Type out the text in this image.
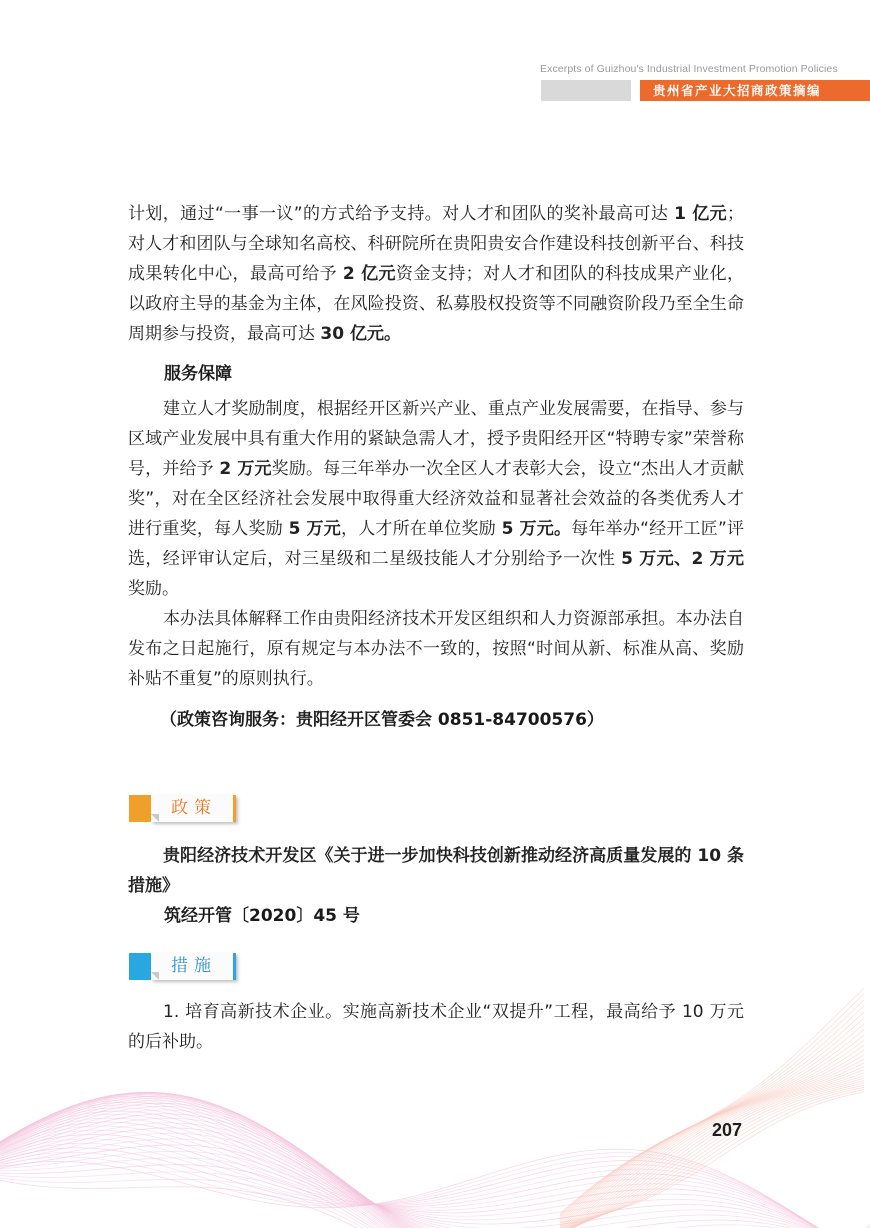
Excerpts of Guizhou's Industrial Investment Promotion Policies
贵州省产业大招商政策摘编

计划，通过“一事一议”的方式给予支持。对人才和团队的奖补最高可达 1 亿元；对人才和团队与全球知名高校、科研院所在贵阳贵安合作建设科技创新平台、科技成果转化中心，最高可给予 2 亿元资金支持；对人才和团队的科技成果产业化，以政府主导的基金为主体，在风险投资、私募股权投资等不同融资阶段乃至全生命周期参与投资，最高可达 30 亿元。

服务保障

建立人才奖励制度，根据经开区新兴产业、重点产业发展需要，在指导、参与区域产业发展中具有重大作用的紧缺急需人才，授予贵阳经开区“特聘专家”荣誉称号，并给予 2 万元奖励。每三年举办一次全区人才表彰大会，设立“杰出人才贡献奖”，对在全区经济社会发展中取得重大经济效益和显著社会效益的各类优秀人才进行重奖，每人奖励 5 万元，人才所在单位奖励 5 万元。每年举办“经开工匠”评选，经评审认定后，对三星级和二星级技能人才分别给予一次性 5 万元、2 万元奖励。

本办法具体解释工作由贵阳经济技术开发区组织和人力资源部承担。本办法自发布之日起施行，原有规定与本办法不一致的，按照“时间从新、标准从高、奖励补贴不重复”的原则执行。

（政策咨询服务：贵阳经开区管委会 0851-84700576）
政策

贵阳经济技术开发区《关于进一步加快科技创新推动经济高质量发展的 10 条措施》

筑经开管〔2020〕45 号
措施

1. 培育高新技术企业。实施高新技术企业“双提升”工程，最高给予 10 万元的后补助。

207
